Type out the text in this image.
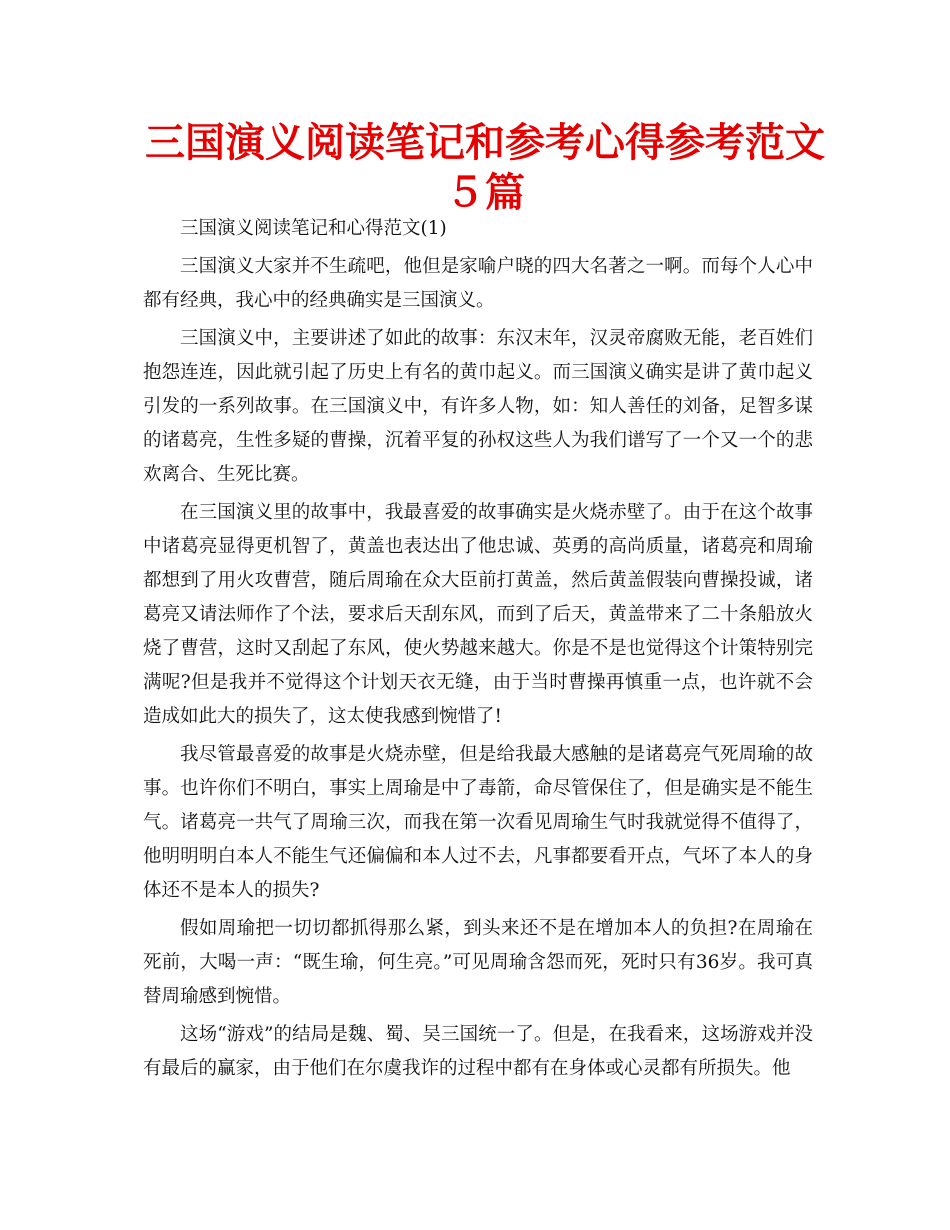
三国演义阅读笔记和参考心得参考范文５篇

三国演义阅读笔记和心得范文(1)

三国演义大家并不生疏吧，他但是家喻户晓的四大名著之一啊。而每个人心中都有经典，我心中的经典确实是三国演义。

三国演义中，主要讲述了如此的故事：东汉末年，汉灵帝腐败无能，老百姓们抱怨连连，因此就引起了历史上有名的黄巾起义。而三国演义确实是讲了黄巾起义引发的一系列故事。在三国演义中，有许多人物，如：知人善任的刘备，足智多谋的诸葛亮，生性多疑的曹操，沉着平复的孙权这些人为我们谱写了一个又一个的悲欢离合、生死比赛。

在三国演义里的故事中，我最喜爱的故事确实是火烧赤壁了。由于在这个故事中诸葛亮显得更机智了，黄盖也表达出了他忠诚、英勇的高尚质量，诸葛亮和周瑜都想到了用火攻曹营，随后周瑜在众大臣前打黄盖，然后黄盖假装向曹操投诚，诸葛亮又请法师作了个法，要求后天刮东风，而到了后天，黄盖带来了二十条船放火烧了曹营，这时又刮起了东风，使火势越来越大。你是不是也觉得这个计策特别完满呢?但是我并不觉得这个计划天衣无缝，由于当时曹操再慎重一点，也许就不会造成如此大的损失了，这太使我感到惋惜了!

我尽管最喜爱的故事是火烧赤壁，但是给我最大感触的是诸葛亮气死周瑜的故事。也许你们不明白，事实上周瑜是中了毒箭，命尽管保住了，但是确实是不能生气。诸葛亮一共气了周瑜三次，而我在第一次看见周瑜生气时我就觉得不值得了，他明明明白本人不能生气还偏偏和本人过不去，凡事都要看开点，气坏了本人的身体还不是本人的损失?

假如周瑜把一切切都抓得那么紧，到头来还不是在增加本人的负担?在周瑜在死前，大喝一声：“既生瑜，何生亮。”可见周瑜含怨而死，死时只有36岁。我可真替周瑜感到惋惜。

这场“游戏”的结局是魏、蜀、吴三国统一了。但是，在我看来，这场游戏并没有最后的赢家，由于他们在尔虞我诈的过程中都有在身体或心灵都有所损失。他
